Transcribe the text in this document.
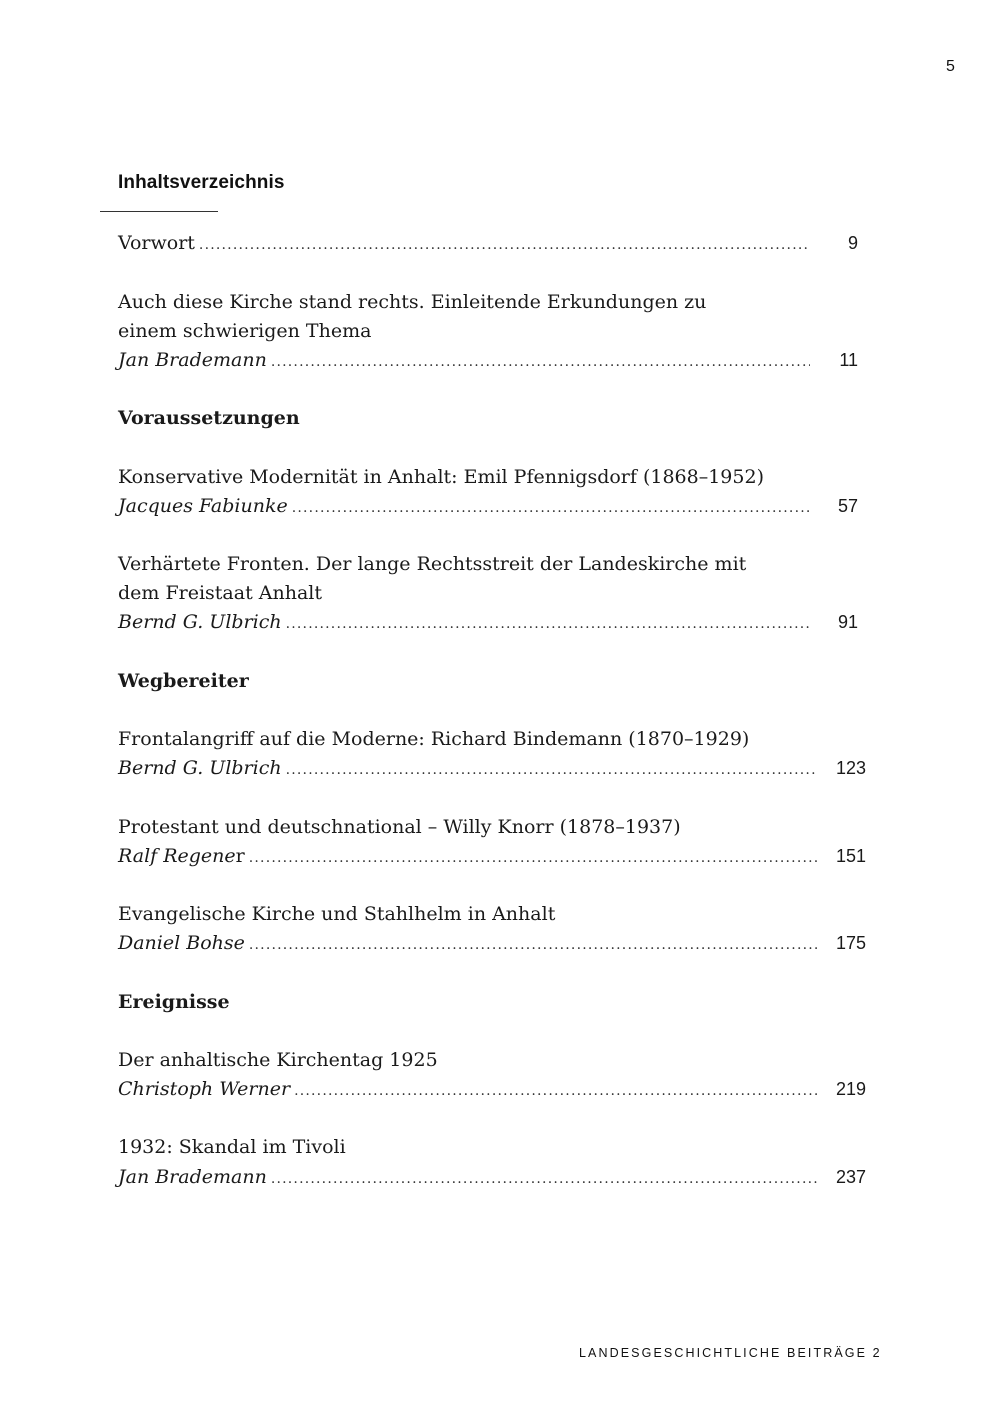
5
Inhaltsverzeichnis
Vorwort .....	9
Auch diese Kirche stand rechts. Einleitende Erkundungen zu
einem schwierigen Thema
Jan Brademann .....	11
Voraussetzungen
Konservative Modernität in Anhalt: Emil Pfennigsdorf (1868–1952)
Jacques Fabiunke .....	57
Verhärtete Fronten. Der lange Rechtsstreit der Landeskirche mit
dem Freistaat Anhalt
Bernd G. Ulbrich .....	91
Wegbereiter
Frontalangriff auf die Moderne: Richard Bindemann (1870–1929)
Bernd G. Ulbrich .....	123
Protestant und deutschnational – Willy Knorr (1878–1937)
Ralf Regener .....	151
Evangelische Kirche und Stahlhelm in Anhalt
Daniel Bohse .....	175
Ereignisse
Der anhaltische Kirchentag 1925
Christoph Werner .....	219
1932: Skandal im Tivoli
Jan Brademann .....	237
LANDESGESCHICHTLICHE BEITRÄGE 2
